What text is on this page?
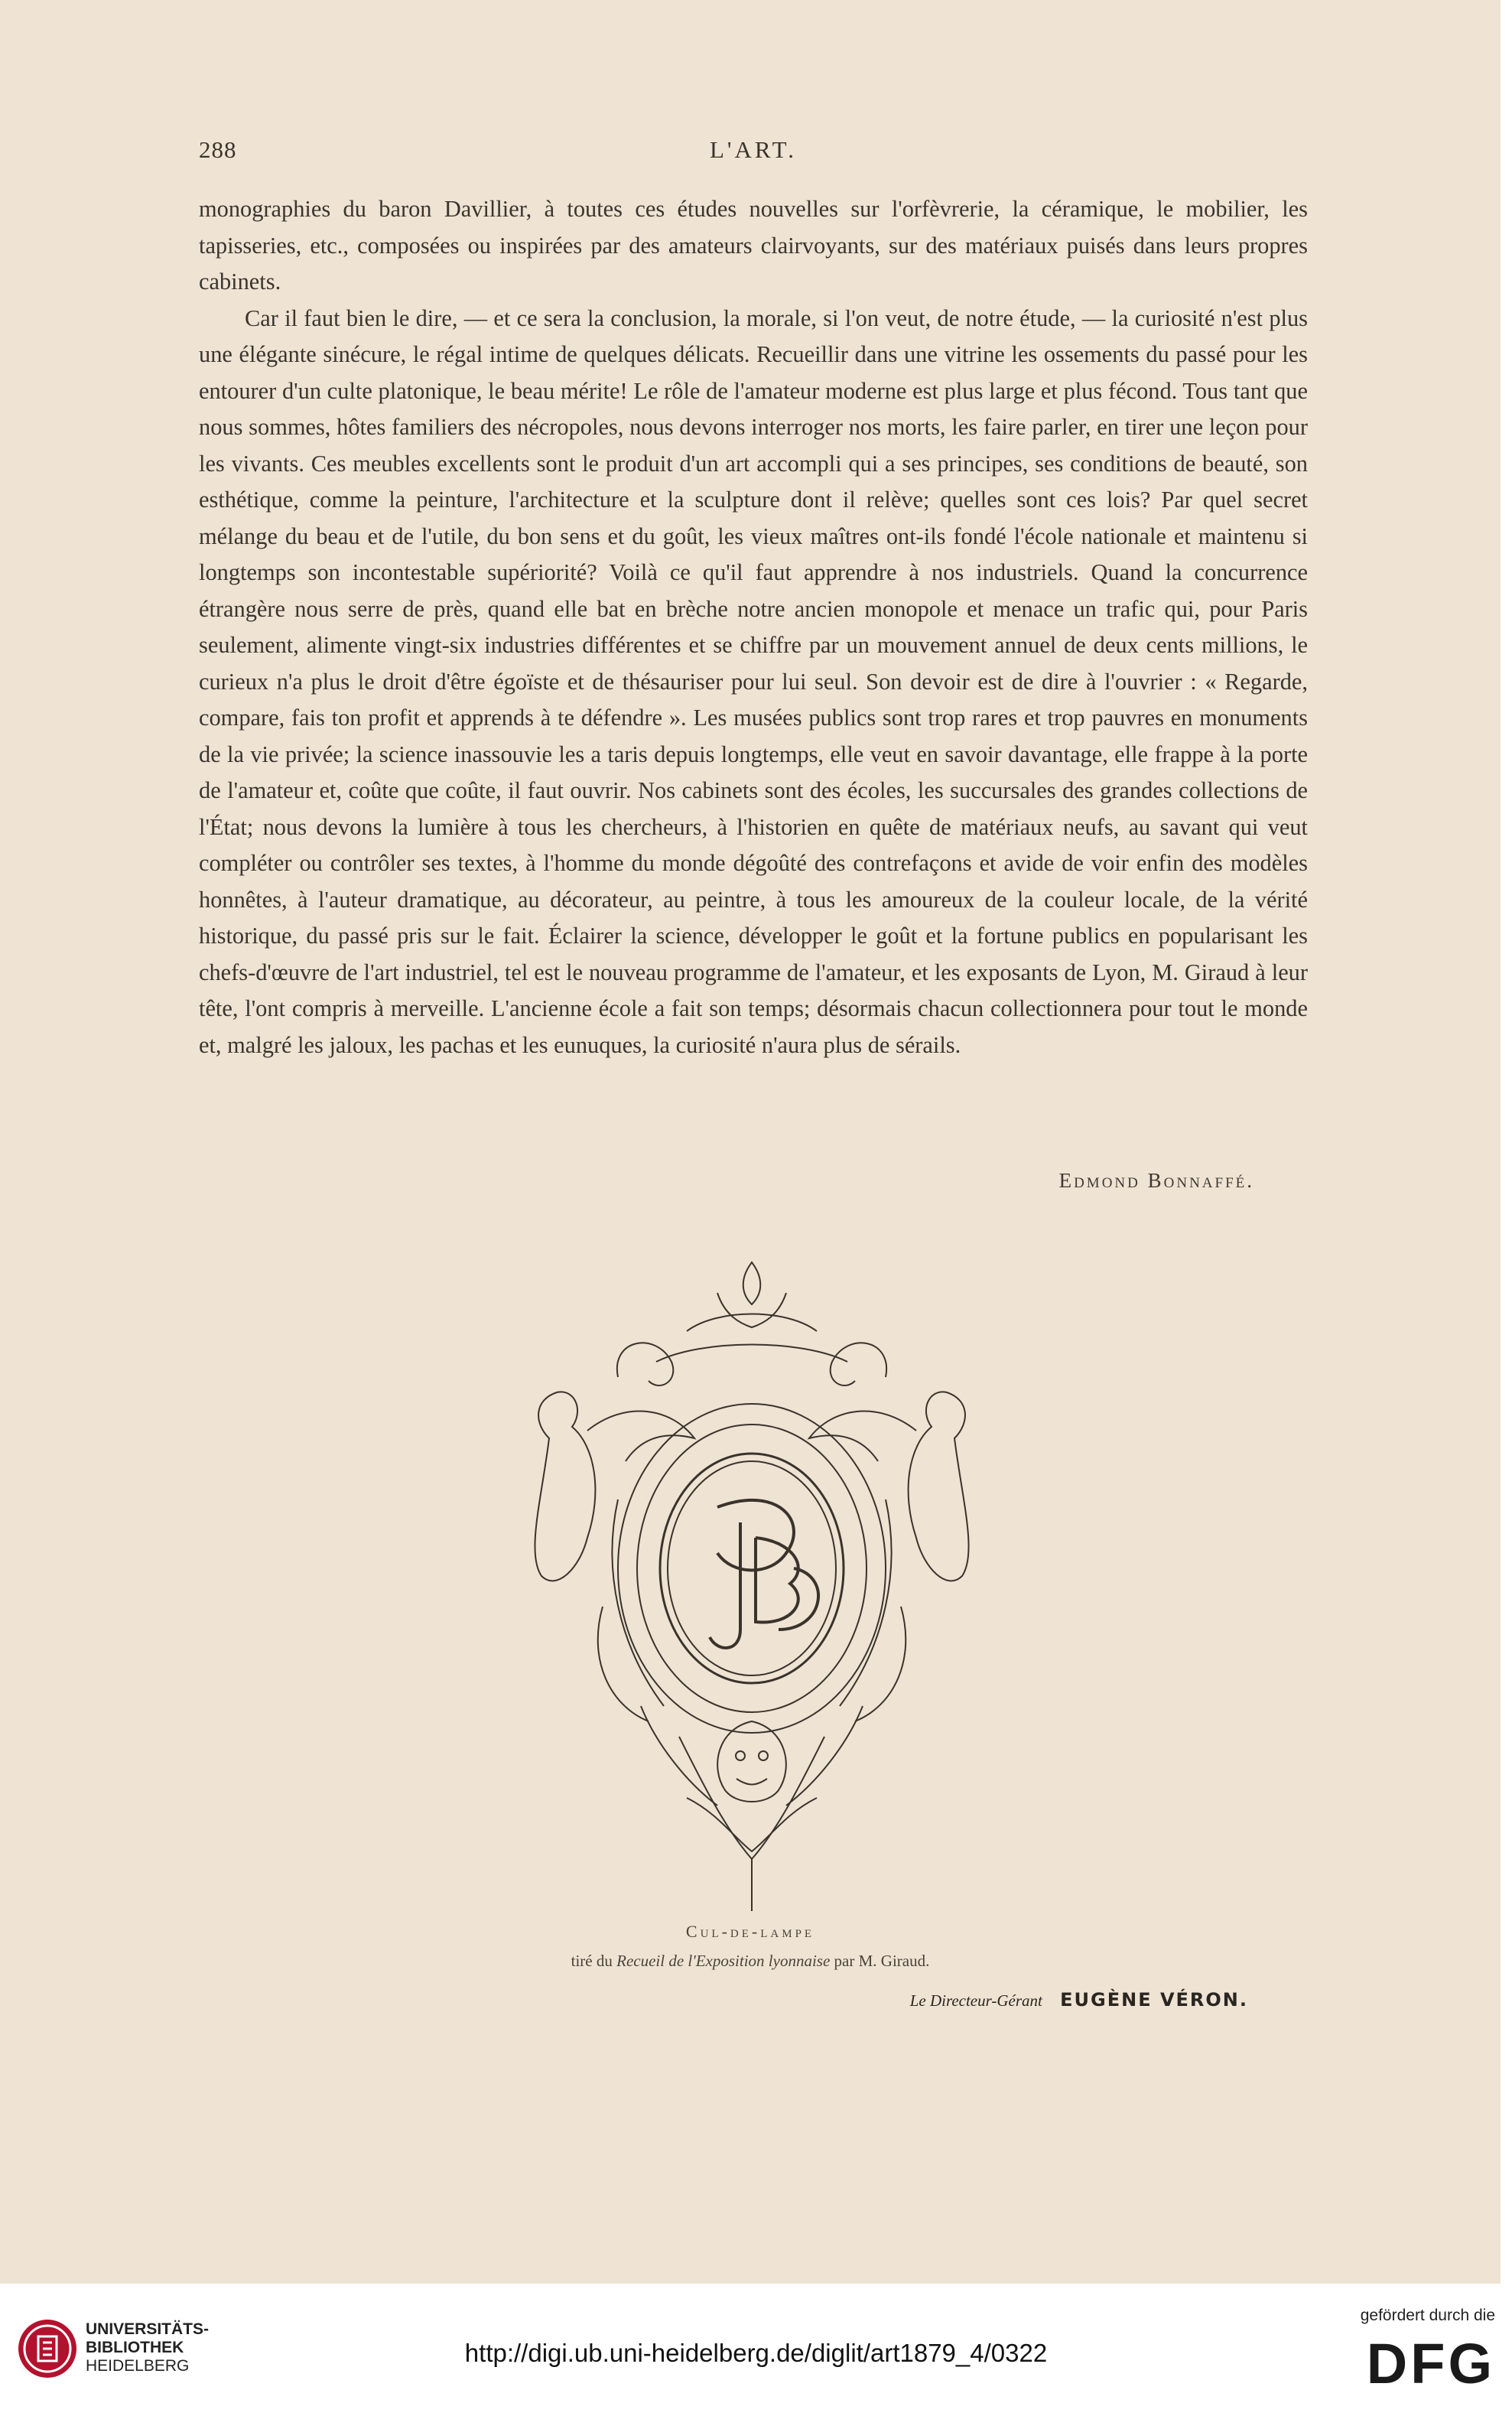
288	L'ART.

monographies du baron Davillier, à toutes ces études nouvelles sur l'orfèvrerie, la céramique, le mobilier, les tapisseries, etc., composées ou inspirées par des amateurs clairvoyants, sur des matériaux puisés dans leurs propres cabinets.

Car il faut bien le dire, — et ce sera la conclusion, la morale, si l'on veut, de notre étude, — la curiosité n'est plus une élégante sinécure, le régal intime de quelques délicats. Recueillir dans une vitrine les ossements du passé pour les entourer d'un culte platonique, le beau mérite! Le rôle de l'amateur moderne est plus large et plus fécond. Tous tant que nous sommes, hôtes familiers des nécropoles, nous devons interroger nos morts, les faire parler, en tirer une leçon pour les vivants. Ces meubles excellents sont le produit d'un art accompli qui a ses principes, ses conditions de beauté, son esthétique, comme la peinture, l'architecture et la sculpture dont il relève; quelles sont ces lois? Par quel secret mélange du beau et de l'utile, du bon sens et du goût, les vieux maîtres ont-ils fondé l'école nationale et maintenu si longtemps son incontestable supériorité? Voilà ce qu'il faut apprendre à nos industriels. Quand la concurrence étrangère nous serre de près, quand elle bat en brèche notre ancien monopole et menace un trafic qui, pour Paris seulement, alimente vingt-six industries différentes et se chiffre par un mouvement annuel de deux cents millions, le curieux n'a plus le droit d'être égoïste et de thésauriser pour lui seul. Son devoir est de dire à l'ouvrier : « Regarde, compare, fais ton profit et apprends à te défendre ». Les musées publics sont trop rares et trop pauvres en monuments de la vie privée; la science inassouvie les a taris depuis longtemps, elle veut en savoir davantage, elle frappe à la porte de l'amateur et, coûte que coûte, il faut ouvrir. Nos cabinets sont des écoles, les succursales des grandes collections de l'État; nous devons la lumière à tous les chercheurs, à l'historien en quête de matériaux neufs, au savant qui veut compléter ou contrôler ses textes, à l'homme du monde dégoûté des contrefaçons et avide de voir enfin des modèles honnêtes, à l'auteur dramatique, au décorateur, au peintre, à tous les amoureux de la couleur locale, de la vérité historique, du passé pris sur le fait. Éclairer la science, développer le goût et la fortune publics en popularisant les chefs-d'œuvre de l'art industriel, tel est le nouveau programme de l'amateur, et les exposants de Lyon, M. Giraud à leur tête, l'ont compris à merveille. L'ancienne école a fait son temps; désormais chacun collectionnera pour tout le monde et, malgré les jaloux, les pachas et les eunuques, la curiosité n'aura plus de sérails.

Edmond Bonnaffé.
Cul-de-lampe
tiré du Recueil de l'Exposition lyonnaise par M. Giraud.
Le Directeur-Gérant EUGÈNE VÉRON.
UNIVERSITÄTS-
BIBLIOTHEK
HEIDELBERG	http://digi.ub.uni-heidelberg.de/diglit/art1879_4/0322
gefördert durch die
DFG
